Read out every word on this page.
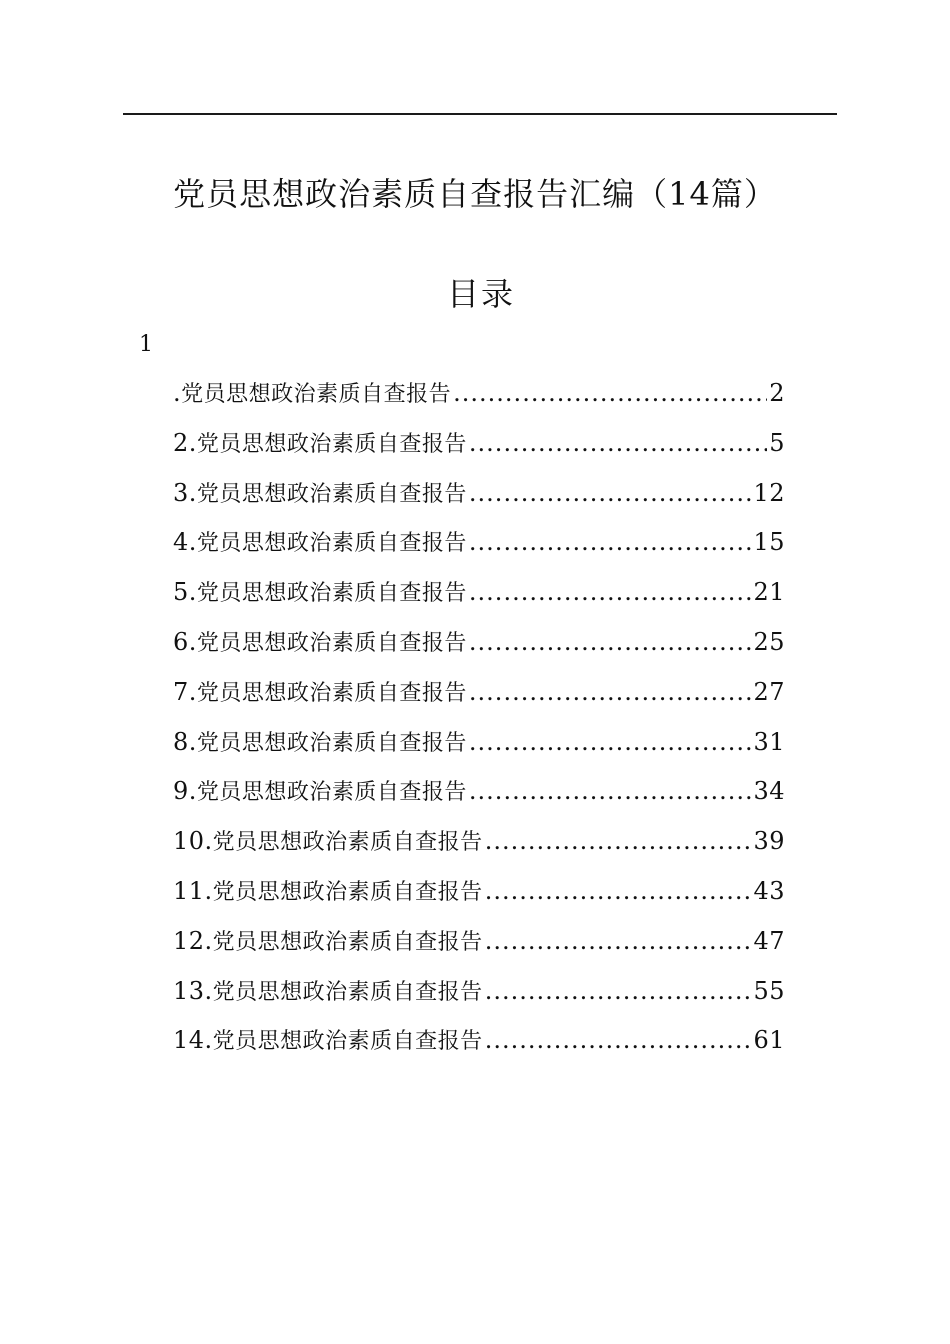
党员思想政治素质自查报告汇编（14篇）
目录
1
.党员思想政治素质自查报告 .....	2
2.党员思想政治素质自查报告 .....	5
3.党员思想政治素质自查报告 .....	12
4.党员思想政治素质自查报告 .....	15
5.党员思想政治素质自查报告 .....	21
6.党员思想政治素质自查报告 .....	25
7.党员思想政治素质自查报告 .....	27
8.党员思想政治素质自查报告 .....	31
9.党员思想政治素质自查报告 .....	34
10.党员思想政治素质自查报告 .....	39
11.党员思想政治素质自查报告 .....	43
12.党员思想政治素质自查报告 .....	47
13.党员思想政治素质自查报告 .....	55
14.党员思想政治素质自查报告 .....	61
